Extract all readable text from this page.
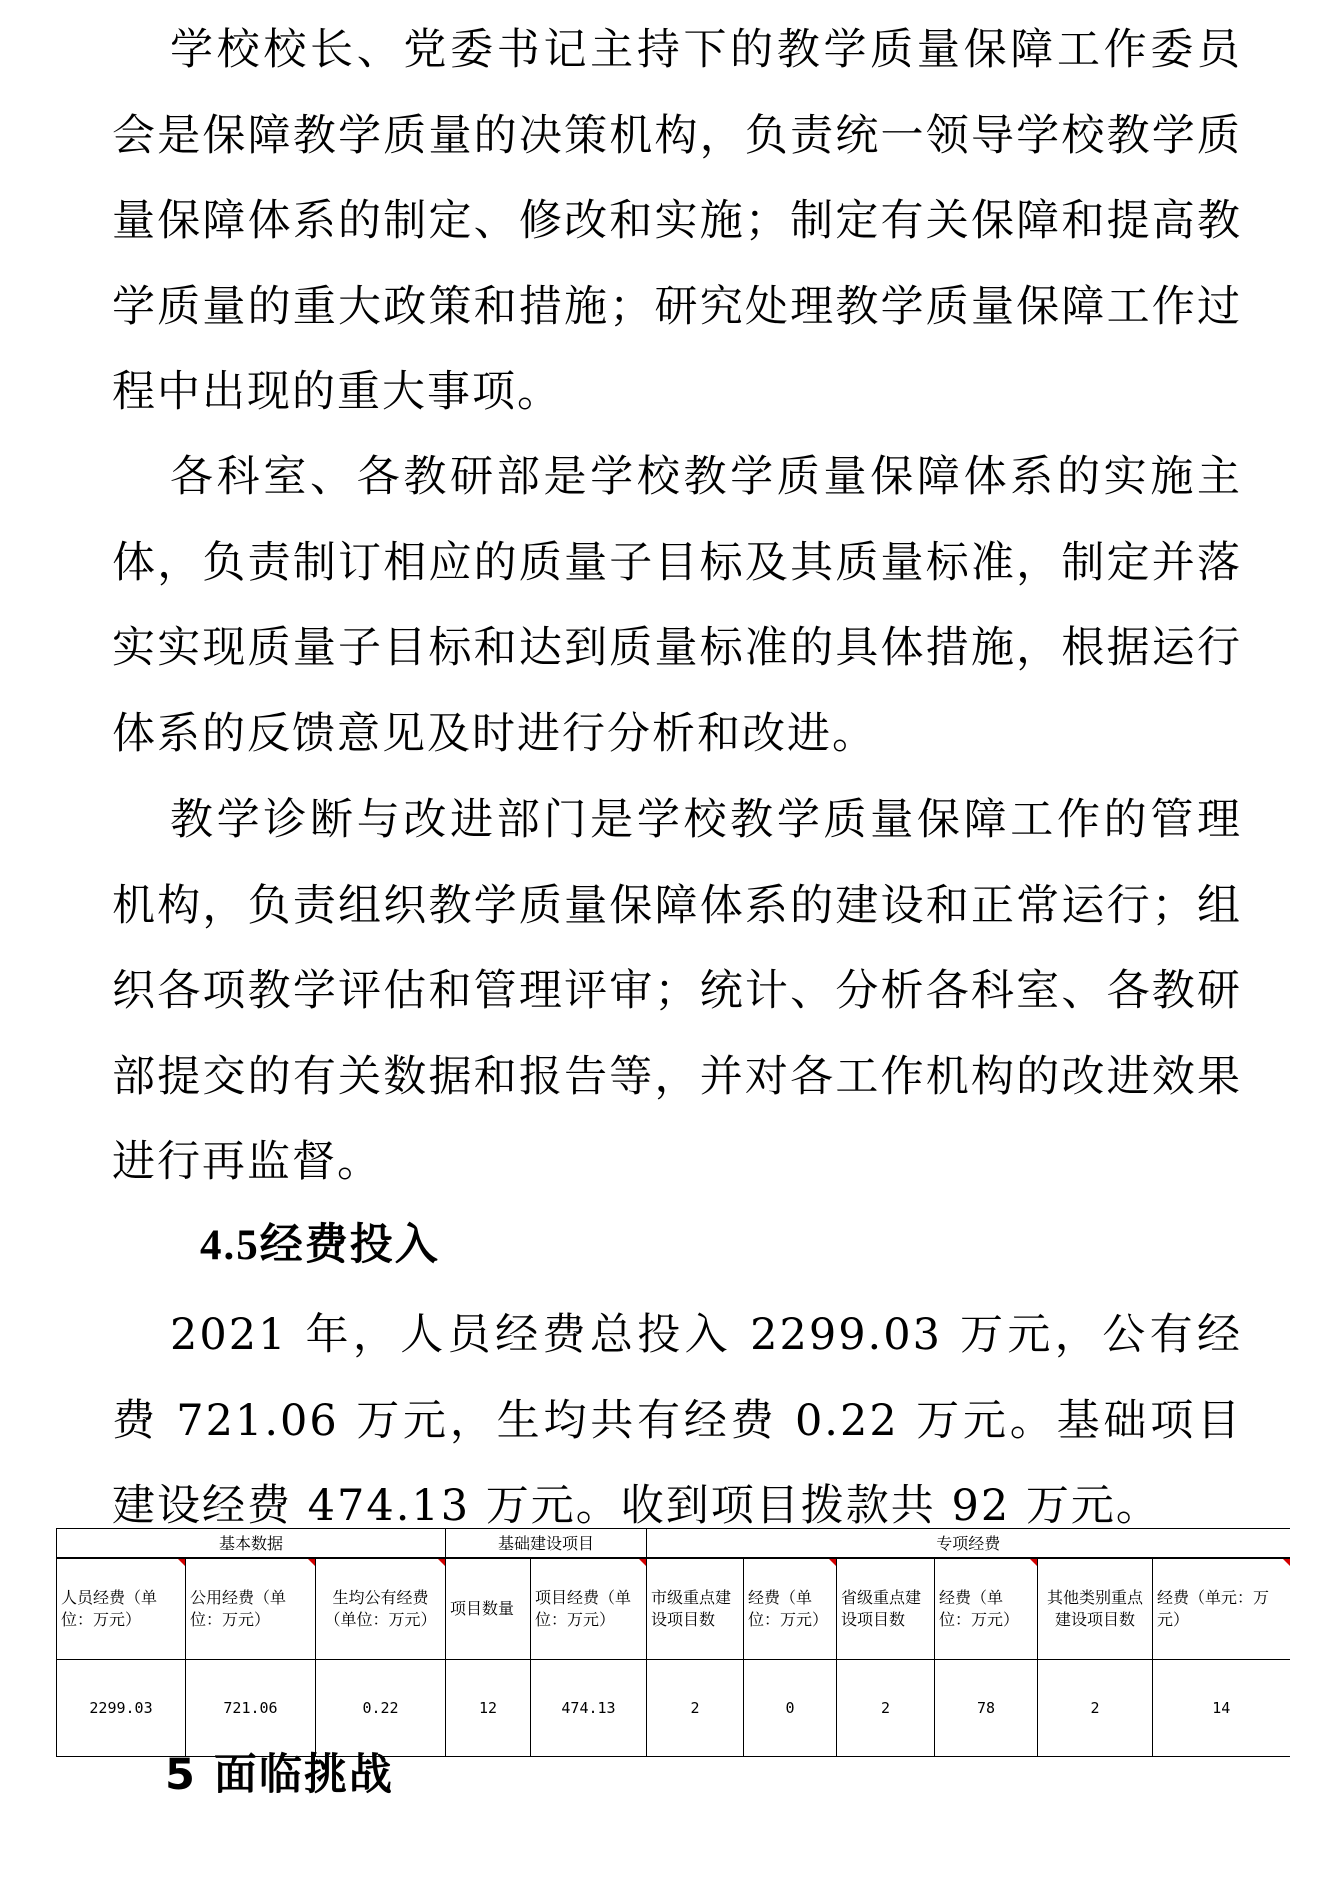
学校校长、党委书记主持下的教学质量保障工作委员会是保障教学质量的决策机构，负责统一领导学校教学质量保障体系的制定、修改和实施；制定有关保障和提高教学质量的重大政策和措施；研究处理教学质量保障工作过程中出现的重大事项。

各科室、各教研部是学校教学质量保障体系的实施主体，负责制订相应的质量子目标及其质量标准，制定并落实实现质量子目标和达到质量标准的具体措施，根据运行体系的反馈意见及时进行分析和改进。

教学诊断与改进部门是学校教学质量保障工作的管理机构，负责组织教学质量保障体系的建设和正常运行；组织各项教学评估和管理评审；统计、分析各科室、各教研部提交的有关数据和报告等，并对各工作机构的改进效果进行再监督。

4.5经费投入

2021 年，人员经费总投入 2299.03 万元，公有经费 721.06 万元，生均共有经费 0.22 万元。基础项目建设经费 474.13 万元。收到项目拨款共 92 万元。

基本数据			基础建设项目		专项经费					
人员经费（单位：万元）	公用经费（单位：万元）	生均公有经费（单位：万元）	项目数量	项目经费（单位：万元）	市级重点建设项目数	经费（单位：万元）	省级重点建设项目数	经费（单位：万元）	其他类别重点建设项目数	经费（单元：万元）

2299.03	721.06	0.22	12	474.13	2	0	2	78	2	14
5 面临挑战
